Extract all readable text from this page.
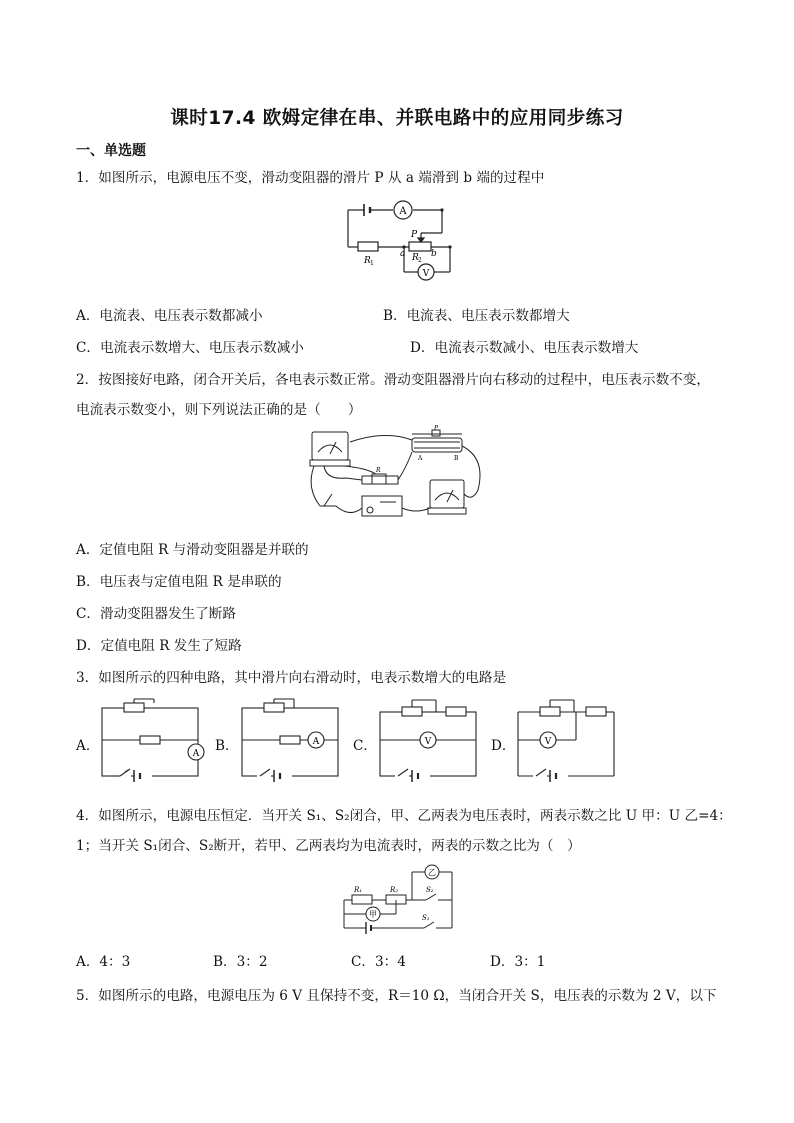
课时17.4 欧姆定律在串、并联电路中的应用同步练习
一、单选题
1．如图所示，电源电压不变，滑动变阻器的滑片 P 从 a 端滑到 b 端的过程中
A
V
P
a	b
R 1
R 2
A．电流表、电压表示数都减小	B．电流表、电压表示数都增大
C．电流表示数增大、电压表示数减小	D．电流表示数减小、电压表示数增大
2．按图接好电路，闭合开关后，各电表示数正常。滑动变阻器滑片向右移动的过程中，电压表示数不变，
电流表示数变小，则下列说法正确的是（　　）
R
P
A	B
A．定值电阻 R 与滑动变阻器是并联的
B．电压表与定值电阻 R 是串联的
C．滑动变阻器发生了断路
D．定值电阻 R 发生了短路
3．如图所示的四种电路，其中滑片向右滑动时，电表示数增大的电路是
A．	B．	C．	D．
A
A	V	V
4．如图所示，电源电压恒定．当开关 S₁、S₂闭合，甲、乙两表为电压表时，两表示数之比 U 甲：U 乙=4：
1；当开关 S₁闭合、S₂断开，若甲、乙两表均为电流表时，两表的示数之比为（　）
乙
甲
R₁	R₂	S₂
S₁
A．4：3	B．3：2	C．3：4	D．3：1
5．如图所示的电路，电源电压为 6 V 且保持不变，R＝10 Ω，当闭合开关 S，电压表的示数为 2 V，以下
